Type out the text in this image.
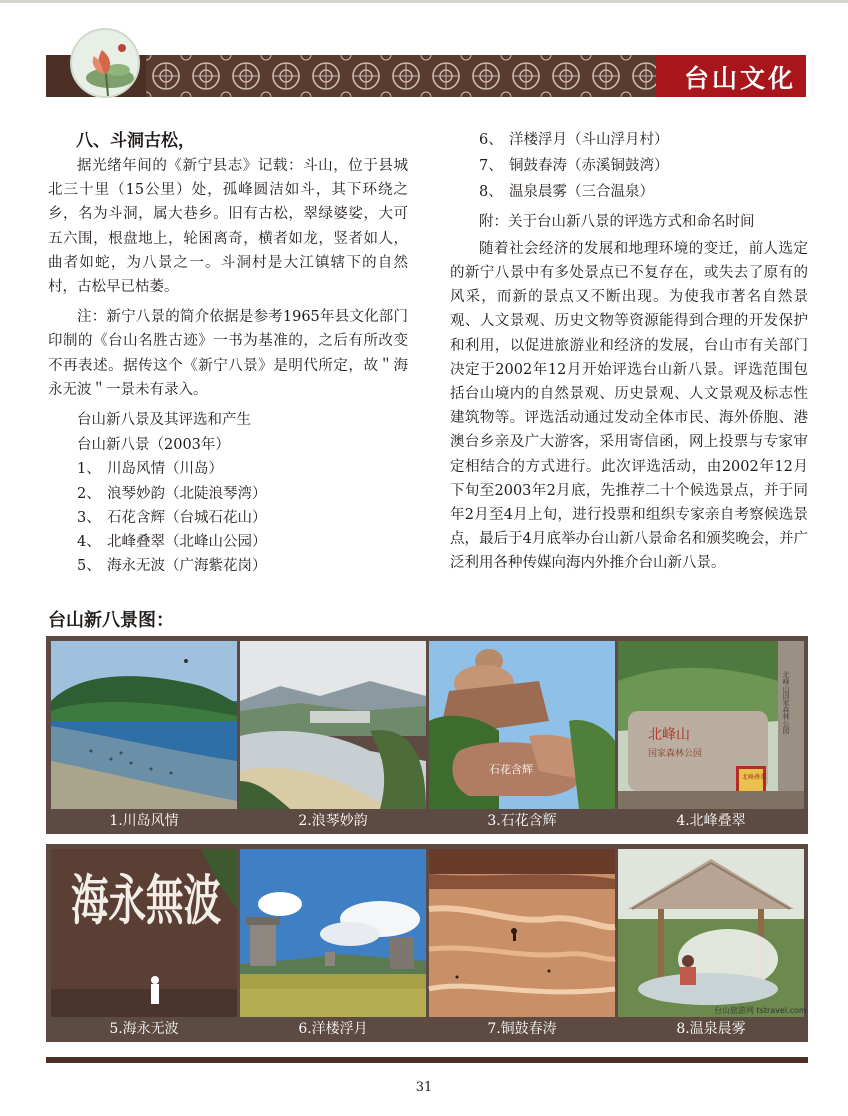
台山文化
八、斗洞古松，

据光绪年间的《新宁县志》记载：斗山，位于县城北三十里（15公里）处，孤峰圆洁如斗，其下环绕之乡，名为斗洞，属大巷乡。旧有古松，翠绿婆娑，大可五六围，根盘地上，轮囷离奇，横者如龙，竖者如人，曲者如蛇，为八景之一。斗洞村是大江镇辖下的自然村，古松早已枯萎。

注：新宁八景的简介依据是参考1965年县文化部门印制的《台山名胜古迹》一书为基准的，之后有所改变不再表述。据传这个《新宁八景》是明代所定，故＂海永无波＂一景未有录入。

台山新八景及其评选和产生
台山新八景（2003年）
1、 川岛风情（川岛）
2、 浪琴妙韵（北陡浪琴湾）
3、 石花含辉（台城石花山）
4、 北峰叠翠（北峰山公园）
5、 海永无波（广海紫花岗）
6、 洋楼浮月（斗山浮月村）
7、 铜鼓春涛（赤溪铜鼓湾）
8、 温泉晨雾（三合温泉）
附：关于台山新八景的评选方式和命名时间

随着社会经济的发展和地理环境的变迁，前人选定的新宁八景中有多处景点已不复存在，或失去了原有的风采，而新的景点又不断出现。为使我市著名自然景观、人文景观、历史文物等资源能得到合理的开发保护和利用，以促进旅游业和经济的发展，台山市有关部门决定于2002年12月开始评选台山新八景。评选范围包括台山境内的自然景观、历史景观、人文景观及标志性建筑物等。评选活动通过发动全体市民、海外侨胞、港澳台乡亲及广大游客，采用寄信函，网上投票与专家审定相结合的方式进行。此次评选活动，由2002年12月下旬至2003年2月底，先推荐二十个候选景点，并于同年2月至4月上旬，进行投票和组织专家亲自考察候选景点，最后于4月底举办台山新八景命名和颁奖晚会，并广泛利用各种传媒向海内外推介台山新八景。

台山新八景图：
1.川岛风情	2.浪琴妙韵
石花含辉
3.石花含辉
北峰山
国家森林公园
北峰山国家森林公园
北峰叠翠
4.北峰叠翠
海永無波
5.海永无波	6.洋楼浮月	7.铜鼓春涛
台山旅游网 tstravel.com
8.温泉晨雾
31
